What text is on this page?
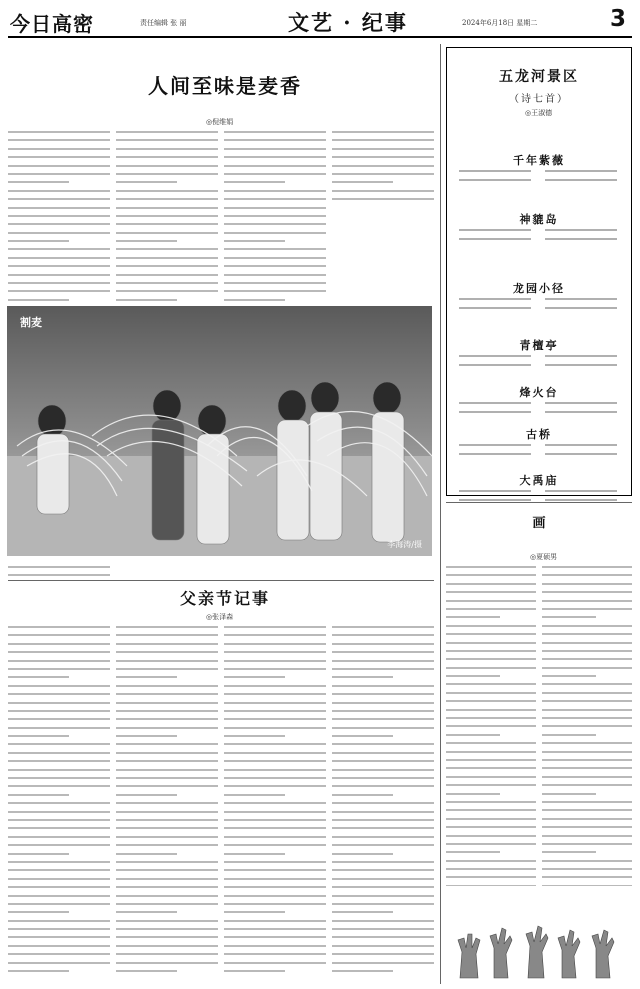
今日高密	责任编辑 张 丽	文艺 · 纪事	2024年6月18日 星期二	3
人间至味是麦香
◎倪维娟
割麦
李海涛/摄
父亲节记事
◎张泽森
五龙河景区
（诗七首）
◎王淑德
千年紫薇
神貔岛
龙园小径
青檀亭
烽火台
古桥
大禹庙
画
◎夏硕男
